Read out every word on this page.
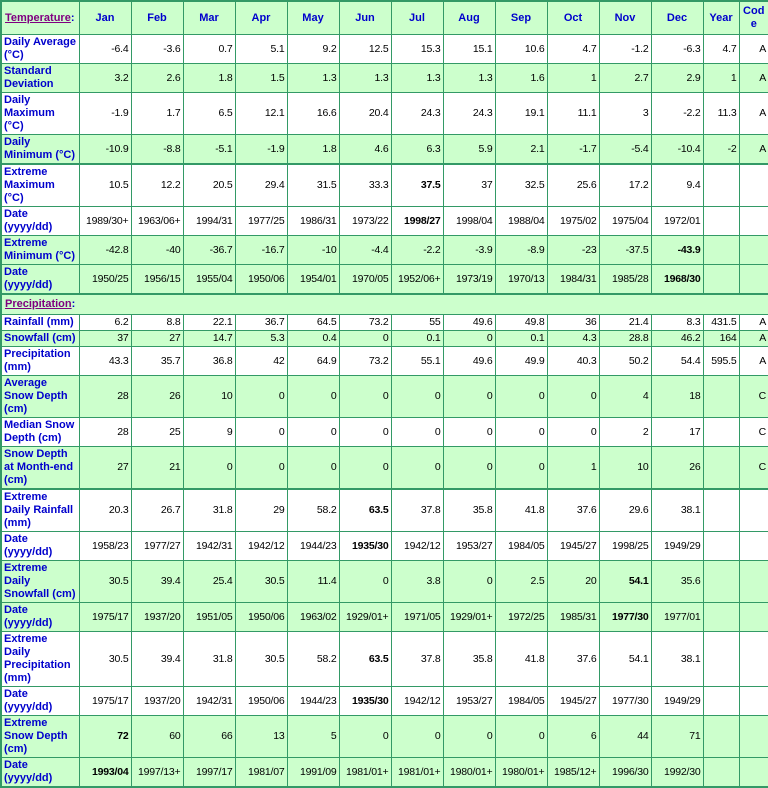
Temperature:	Jan	Feb	Mar	Apr	May	Jun	Jul	Aug	Sep	Oct	Nov	Dec	Year	Code
Daily Average (°C)	-6.4	-3.6	0.7	5.1	9.2	12.5	15.3	15.1	10.6	4.7	-1.2	-6.3	4.7	A
Standard Deviation	3.2	2.6	1.8	1.5	1.3	1.3	1.3	1.3	1.6	1	2.7	2.9	1	A
Daily Maximum (°C)	-1.9	1.7	6.5	12.1	16.6	20.4	24.3	24.3	19.1	11.1	3	-2.2	11.3	A
Daily Minimum (°C)	-10.9	-8.8	-5.1	-1.9	1.8	4.6	6.3	5.9	2.1	-1.7	-5.4	-10.4	-2	A
Extreme Maximum (°C)	10.5	12.2	20.5	29.4	31.5	33.3	37.5	37	32.5	25.6	17.2	9.4		
Date (yyyy/dd)	1989/30+	1963/06+	1994/31	1977/25	1986/31	1973/22	1998/27	1998/04	1988/04	1975/02	1975/04	1972/01		
Extreme Minimum (°C)	-42.8	-40	-36.7	-16.7	-10	-4.4	-2.2	-3.9	-8.9	-23	-37.5	-43.9		
Date (yyyy/dd)	1950/25	1956/15	1955/04	1950/06	1954/01	1970/05	1952/06+	1973/19	1970/13	1984/31	1985/28	1968/30		
Precipitation:														
Rainfall (mm)	6.2	8.8	22.1	36.7	64.5	73.2	55	49.6	49.8	36	21.4	8.3	431.5	A
Snowfall (cm)	37	27	14.7	5.3	0.4	0	0.1	0	0.1	4.3	28.8	46.2	164	A
Precipitation (mm)	43.3	35.7	36.8	42	64.9	73.2	55.1	49.6	49.9	40.3	50.2	54.4	595.5	A
Average Snow Depth (cm)	28	26	10	0	0	0	0	0	0	0	4	18		C
Median Snow Depth (cm)	28	25	9	0	0	0	0	0	0	0	2	17		C
Snow Depth at Month-end (cm)	27	21	0	0	0	0	0	0	0	1	10	26		C
Extreme Daily Rainfall (mm)	20.3	26.7	31.8	29	58.2	63.5	37.8	35.8	41.8	37.6	29.6	38.1		
Date (yyyy/dd)	1958/23	1977/27	1942/31	1942/12	1944/23	1935/30	1942/12	1953/27	1984/05	1945/27	1998/25	1949/29		
Extreme Daily Snowfall (cm)	30.5	39.4	25.4	30.5	11.4	0	3.8	0	2.5	20	54.1	35.6		
Date (yyyy/dd)	1975/17	1937/20	1951/05	1950/06	1963/02	1929/01+	1971/05	1929/01+	1972/25	1985/31	1977/30	1977/01		
Extreme Daily Precipitation (mm)	30.5	39.4	31.8	30.5	58.2	63.5	37.8	35.8	41.8	37.6	54.1	38.1		
Date (yyyy/dd)	1975/17	1937/20	1942/31	1950/06	1944/23	1935/30	1942/12	1953/27	1984/05	1945/27	1977/30	1949/29		
Extreme Snow Depth (cm)	72	60	66	13	5	0	0	0	0	6	44	71		
Date (yyyy/dd)	1993/04	1997/13+	1997/17	1981/07	1991/09	1981/01+	1981/01+	1980/01+	1980/01+	1985/12+	1996/30	1992/30		
